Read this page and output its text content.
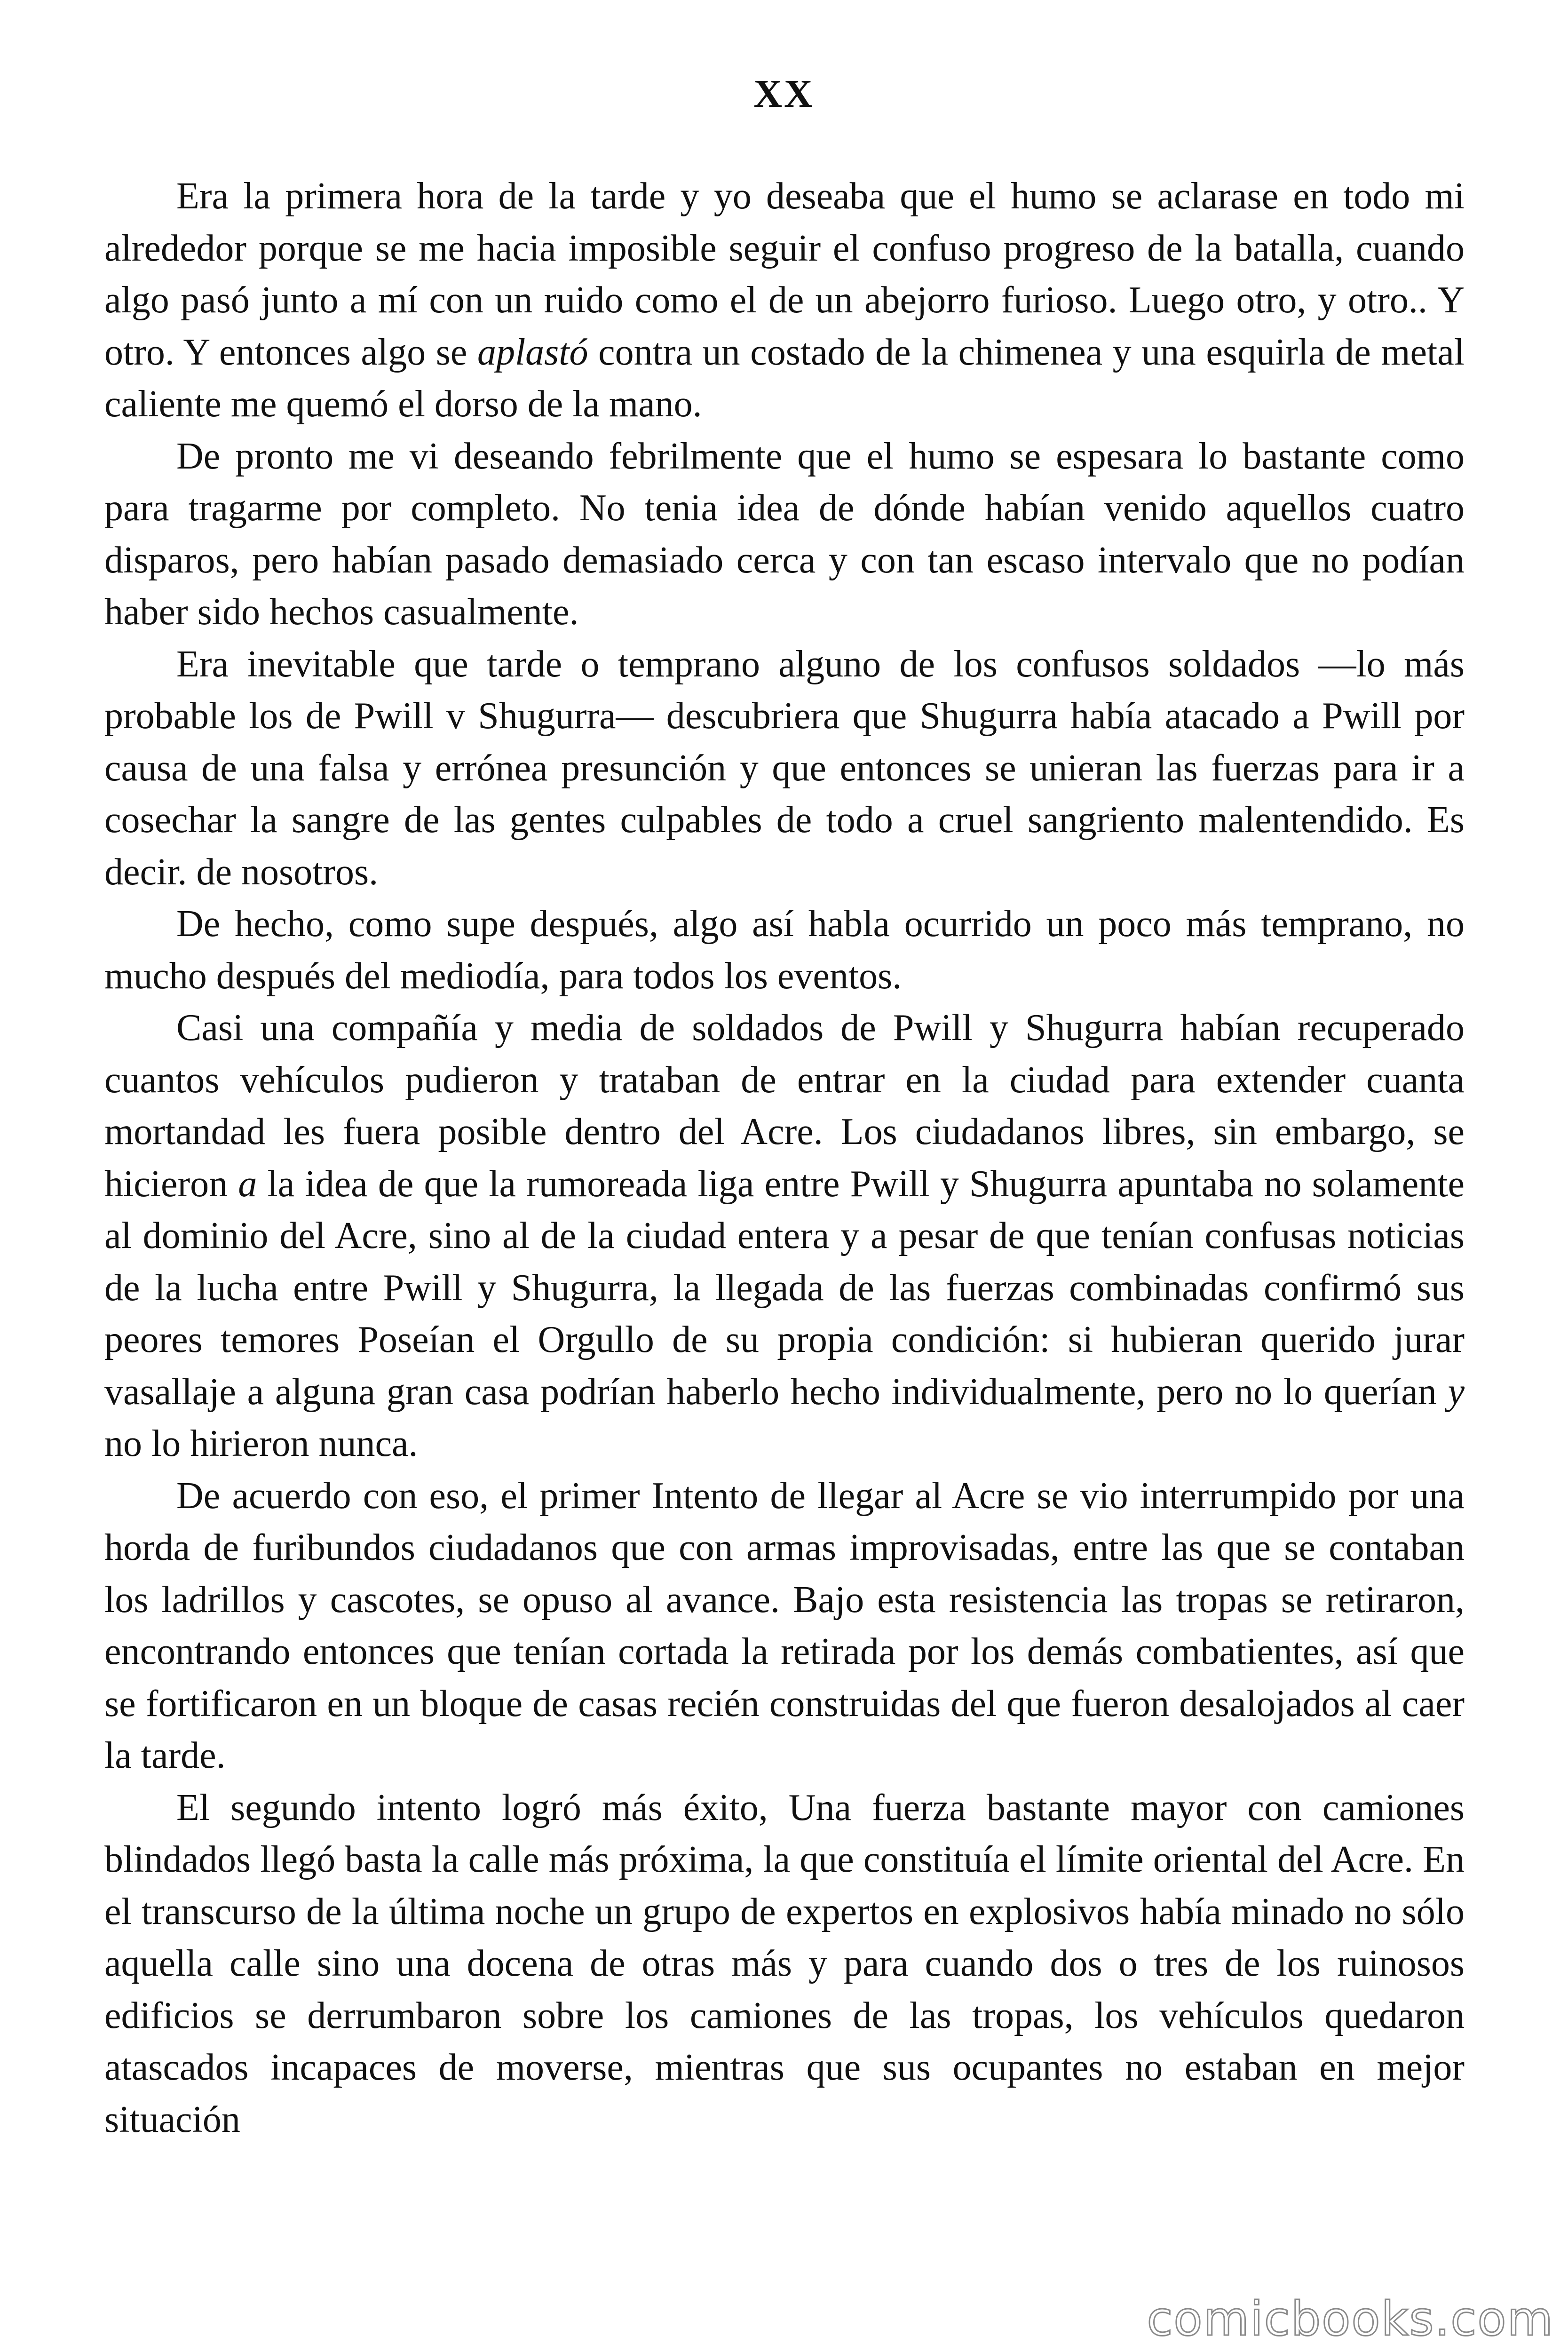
XX

Era la primera hora de la tarde y yo deseaba que el humo se aclarase en todo mi alrededor porque se me hacia imposible seguir el confuso progreso de la batalla, cuando algo pasó junto a mí con un ruido como el de un abejorro furioso. Luego otro, y otro.. Y otro. Y entonces algo se aplastó contra un costado de la chimenea y una esquirla de metal caliente me quemó el dorso de la mano.

De pronto me vi deseando febrilmente que el humo se espesara lo bastante como para tragarme por completo. No tenia idea de dónde habían venido aquellos cuatro disparos, pero habían pasado demasiado cerca y con tan escaso intervalo que no podían haber sido hechos casualmente.

Era inevitable que tarde o temprano alguno de los confusos soldados —lo más probable los de Pwill v Shugurra— descubriera que Shugurra había atacado a Pwill por causa de una falsa y errónea presunción y que entonces se unieran las fuerzas para ir a cosechar la sangre de las gentes culpables de todo a cruel sangriento malentendido. Es decir. de nosotros.

De hecho, como supe después, algo así habla ocurrido un poco más temprano, no mucho después del mediodía, para todos los eventos.

Casi una compañía y media de soldados de Pwill y Shugurra habían recuperado cuantos vehículos pudieron y trataban de entrar en la ciudad para extender cuanta mortandad les fuera posible dentro del Acre. Los ciudadanos libres, sin embargo, se hicieron a la idea de que la rumoreada liga entre Pwill y Shugurra apuntaba no solamente al dominio del Acre, sino al de la ciudad entera y a pesar de que tenían confusas noticias de la lucha entre Pwill y Shugurra, la llegada de las fuerzas combinadas confirmó sus peores temores Poseían el Orgullo de su propia condición: si hubieran querido jurar vasallaje a alguna gran casa podrían haberlo hecho individualmente, pero no lo querían y no lo hirieron nunca.

De acuerdo con eso, el primer Intento de llegar al Acre se vio interrumpido por una horda de furibundos ciudadanos que con armas improvisadas, entre las que se contaban los ladrillos y cascotes, se opuso al avance. Bajo esta resistencia las tropas se retiraron, encontrando entonces que tenían cortada la retirada por los demás combatientes, así que se fortificaron en un bloque de casas recién construidas del que fueron desalojados al caer la tarde.

El segundo intento logró más éxito, Una fuerza bastante mayor con camiones blindados llegó basta la calle más próxima, la que constituía el límite oriental del Acre. En el transcurso de la última noche un grupo de expertos en explosivos había minado no sólo aquella calle sino una docena de otras más y para cuando dos o tres de los ruinosos edificios se derrumbaron sobre los camiones de las tropas, los vehículos quedaron atascados incapaces de moverse, mientras que sus ocupantes no estaban en mejor situación

comicbooks.com
